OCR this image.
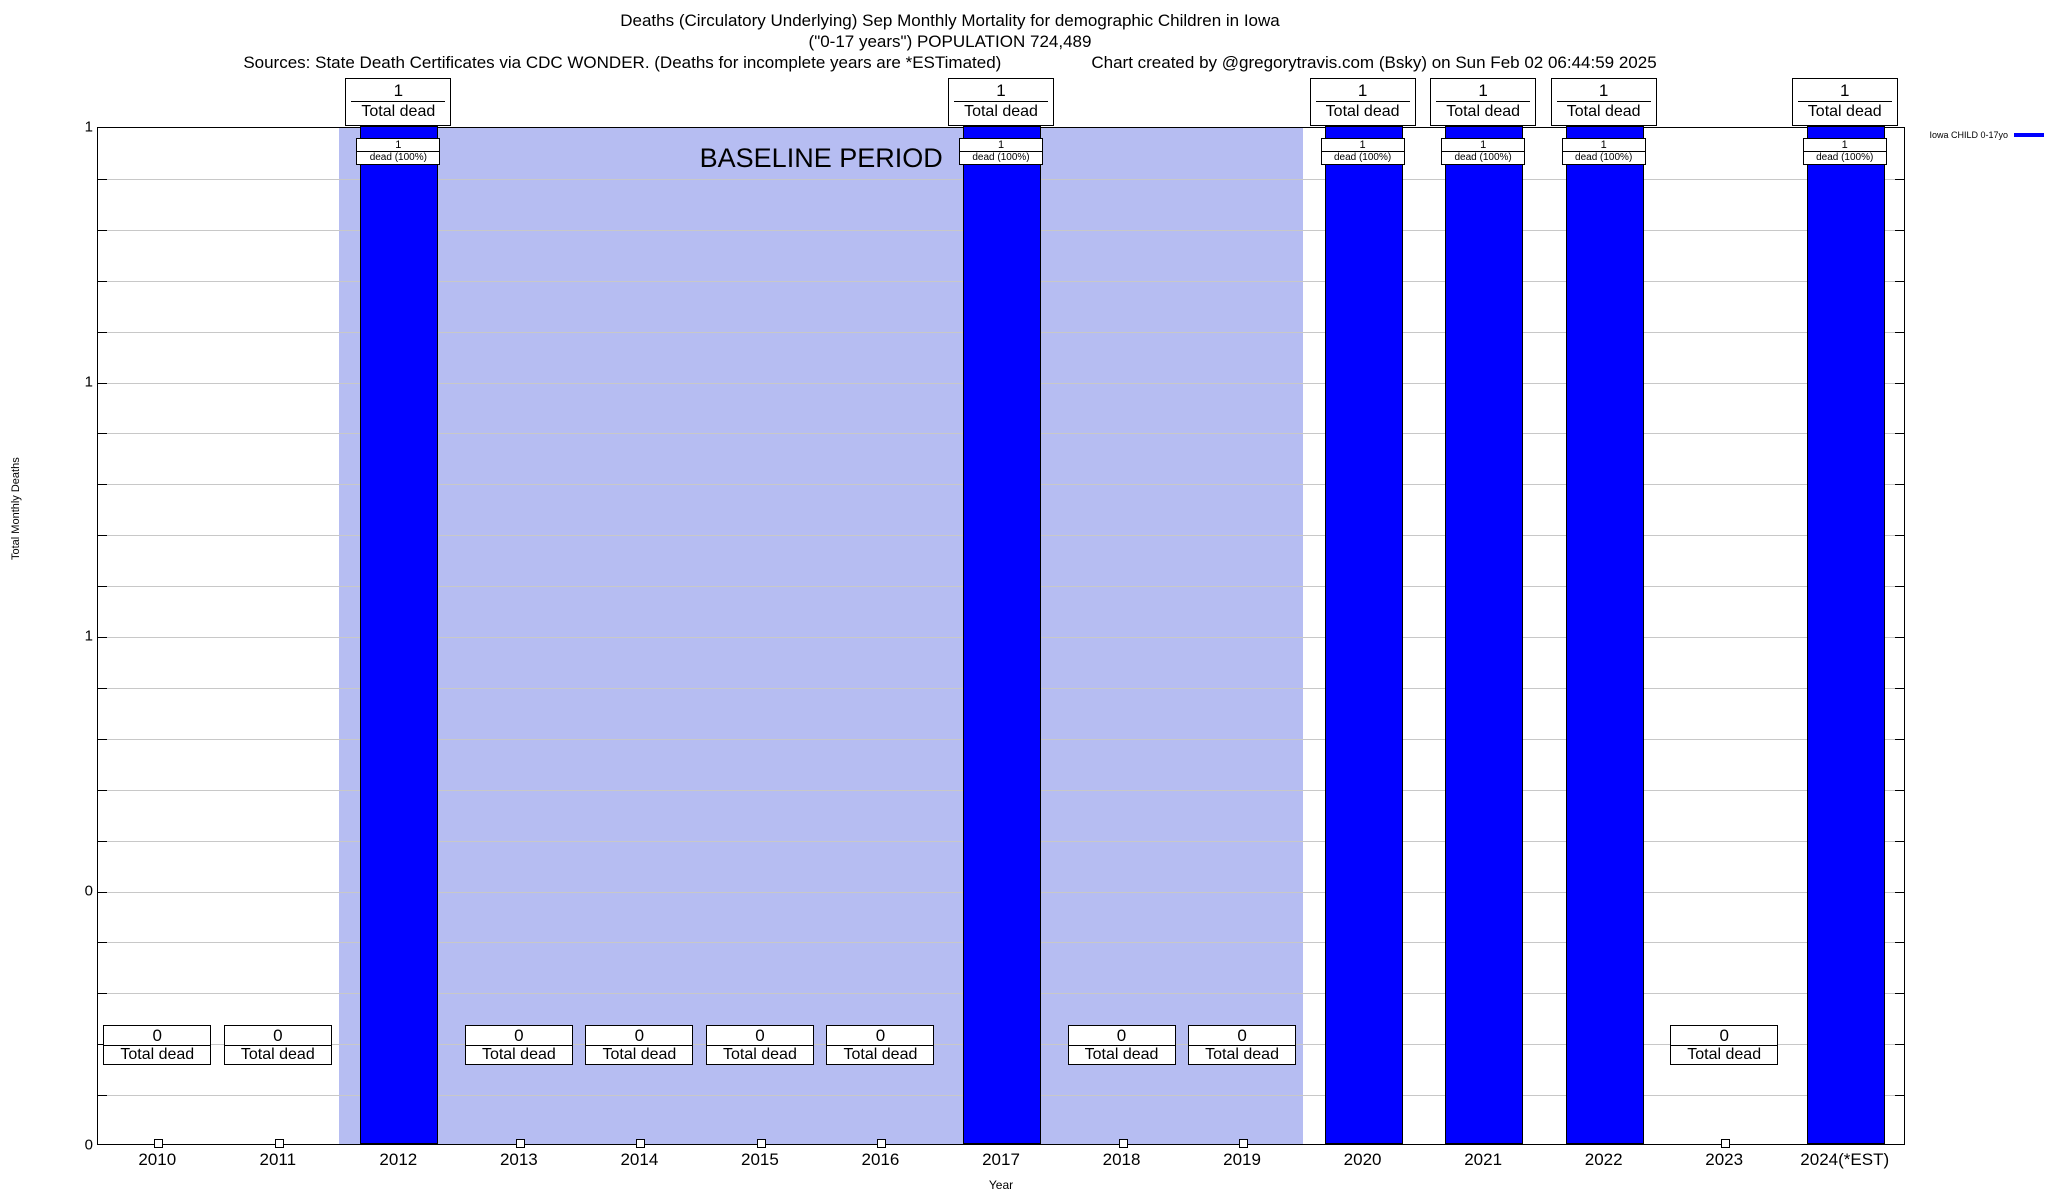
Deaths (Circulatory Underlying) Sep Monthly Mortality for demographic Children in Iowa
("0-17 years") POPULATION 724,489
Sources: State Death Certificates via CDC WONDER. (Deaths for incomplete years are *ESTimated)	Chart created by @gregorytravis.com (Bsky) on Sun Feb 02 06:44:59 2025
Total Monthly Deaths
0
0
1
1
1
BASELINE PERIOD
2010	2011	2012	2013	2014	2015	2016	2017	2018	2019	2020	2021	2022	2023	2024(*EST)
Year
Iowa CHILD 0-17yo
0
Total dead
0
Total dead
1
Total dead
1
dead (100%)
0
Total dead
0
Total dead
0
Total dead
0
Total dead
1
Total dead
1
dead (100%)
0
Total dead
0
Total dead
1
Total dead
1
dead (100%)
1
Total dead
1
dead (100%)
1
Total dead
1
dead (100%)
0
Total dead
1
Total dead
1
dead (100%)
